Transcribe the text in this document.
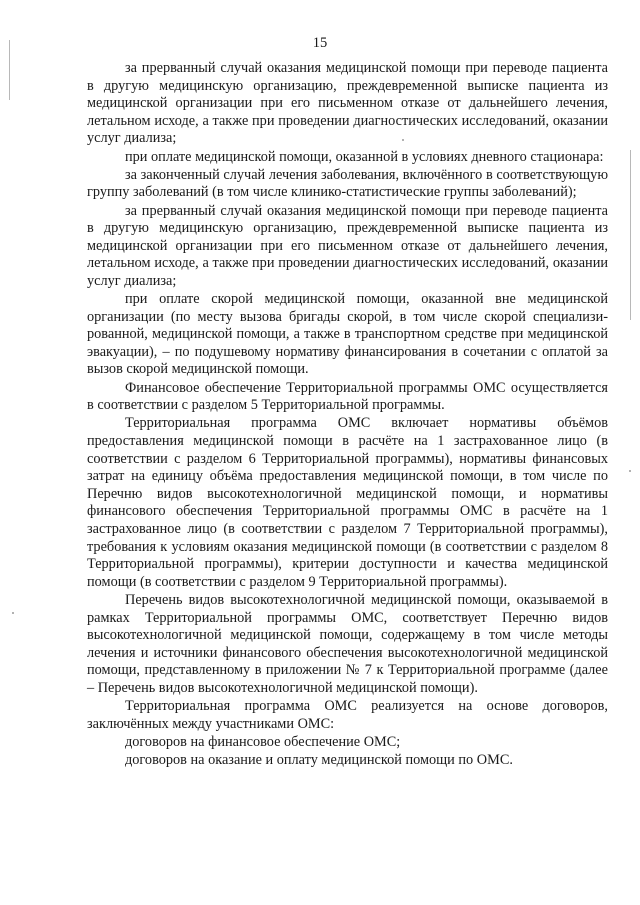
15

за прерванный случай оказания медицинской помощи при переводе пациента в другую медицинскую организацию, преждевременной выписке пациента из медицинской организации при его письменном отказе от дальнейшего лечения, летальном исходе, а также при проведении диагностических исследований, оказании услуг диализа;

при оплате медицинской помощи, оказанной в условиях дневного стационара:

за законченный случай лечения заболевания, включённого в соответствующую группу заболеваний (в том числе клинико-статистические группы заболеваний);

за прерванный случай оказания медицинской помощи при переводе пациента в другую медицинскую организацию, преждевременной выписке пациента из медицинской организации при его письменном отказе от дальнейшего лечения, летальном исходе, а также при проведении диагностических исследований, оказании услуг диализа;

при оплате скорой медицинской помощи, оказанной вне медицинской организации (по месту вызова бригады скорой, в том числе скорой специализированной, медицинской помощи, а также в транспортном средстве при медицинской эвакуации), – по подушевому нормативу финансирования в сочетании с оплатой за вызов скорой медицинской помощи.

Финансовое обеспечение Территориальной программы ОМС осуществляется в соответствии с разделом 5 Территориальной программы.

Территориальная программа ОМС включает нормативы объёмов предоставления медицинской помощи в расчёте на 1 застрахованное лицо (в соответствии с разделом 6 Территориальной программы), нормативы финансовых затрат на единицу объёма предоставления медицинской помощи, в том числе по Перечню видов высокотехнологичной медицинской помощи, и нормативы финансового обеспечения Территориальной программы ОМС в расчёте на 1 застрахованное лицо (в соответствии с разделом 7 Территориальной программы), требования к условиям оказания медицинской помощи (в соответствии с разделом 8 Территориальной программы), критерии доступности и качества медицинской помощи (в соответствии с разделом 9 Территориальной программы).

Перечень видов высокотехнологичной медицинской помощи, оказываемой в рамках Территориальной программы ОМС, соответствует Перечню видов высокотехнологичной медицинской помощи, содержащему в том числе методы лечения и источники финансового обеспечения высокотехнологичной медицинской помощи, представленному в приложении № 7 к Территориальной программе (далее – Перечень видов высокотехнологичной медицинской помощи).

Территориальная программа ОМС реализуется на основе договоров, заключённых между участниками ОМС:

договоров на финансовое обеспечение ОМС;

договоров на оказание и оплату медицинской помощи по ОМС.
